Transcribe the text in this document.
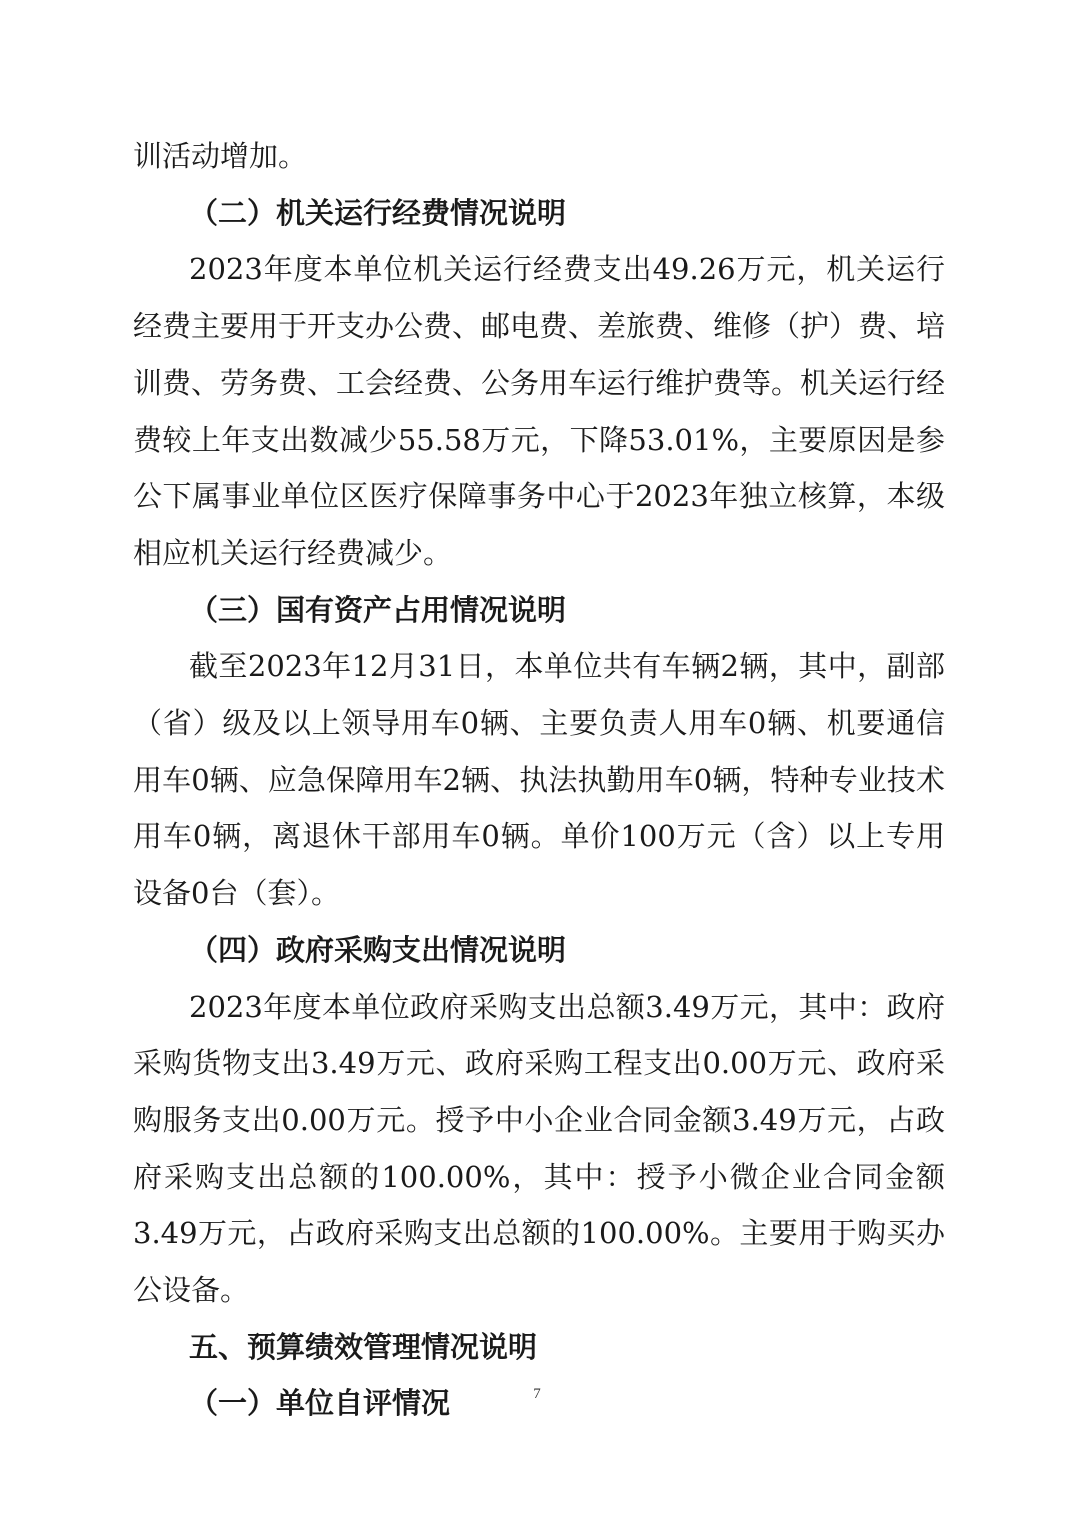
训活动增加。

（二）机关运行经费情况说明

2023年度本单位机关运行经费支出49.26万元，机关运行经费主要用于开支办公费、邮电费、差旅费、维修（护）费、培训费、劳务费、工会经费、公务用车运行维护费等。机关运行经费较上年支出数减少55.58万元，下降53.01%，主要原因是参公下属事业单位区医疗保障事务中心于2023年独立核算，本级相应机关运行经费减少。

（三）国有资产占用情况说明

截至2023年12月31日，本单位共有车辆2辆，其中，副部（省）级及以上领导用车0辆、主要负责人用车0辆、机要通信用车0辆、应急保障用车2辆、执法执勤用车0辆，特种专业技术用车0辆，离退休干部用车0辆。单价100万元（含）以上专用设备0台（套）。

（四）政府采购支出情况说明

2023年度本单位政府采购支出总额3.49万元，其中：政府采购货物支出3.49万元、政府采购工程支出0.00万元、政府采购服务支出0.00万元。授予中小企业合同金额3.49万元，占政府采购支出总额的100.00%，其中：授予小微企业合同金额3.49万元，占政府采购支出总额的100.00%。主要用于购买办公设备。

五、预算绩效管理情况说明

（一）单位自评情况	7
